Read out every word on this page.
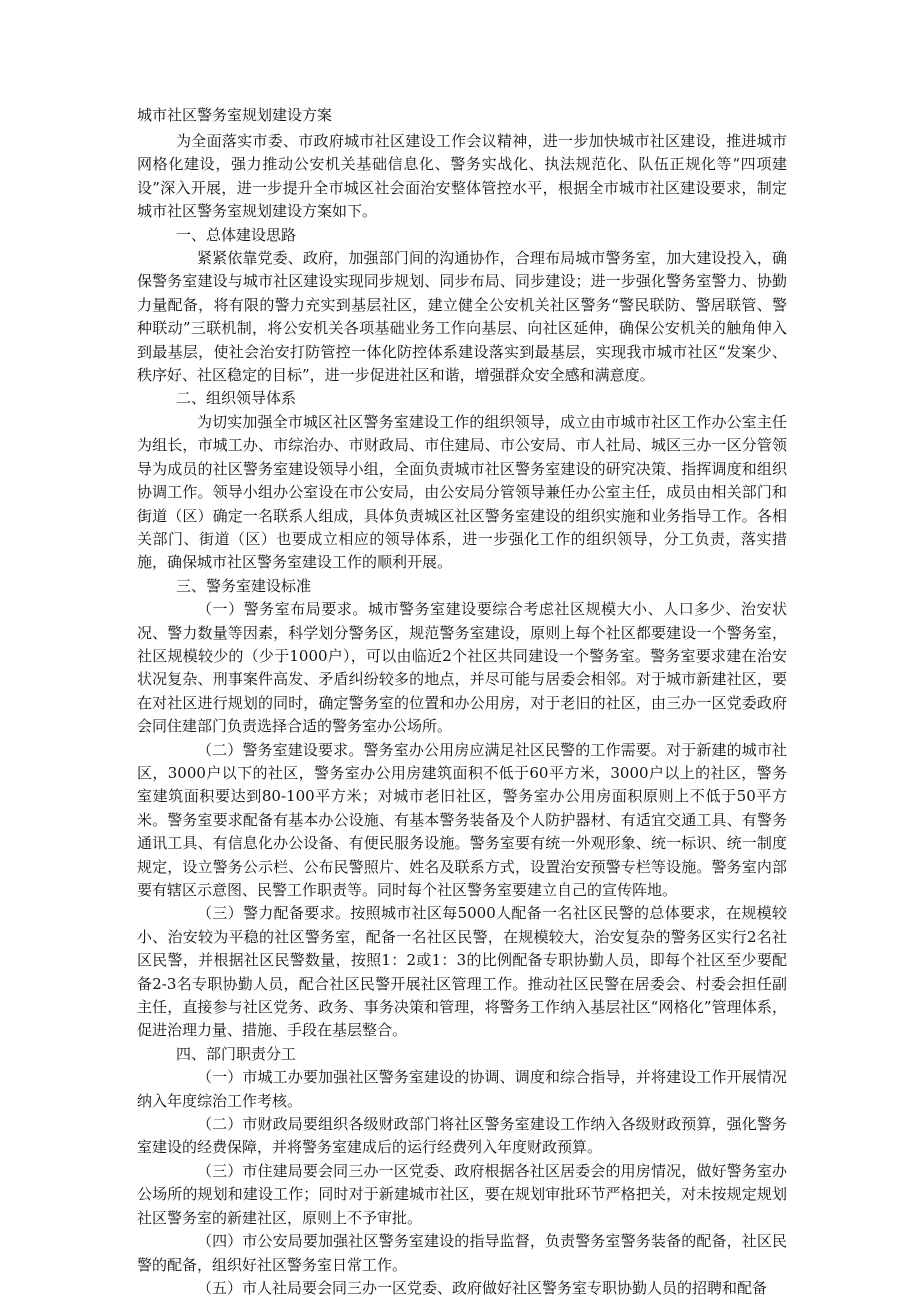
城市社区警务室规划建设方案

为全面落实市委、市政府城市社区建设工作会议精神，进一步加快城市社区建设，推进城市网格化建设，强力推动公安机关基础信息化、警务实战化、执法规范化、队伍正规化等“四项建设”深入开展，进一步提升全市城区社会面治安整体管控水平，根据全市城市社区建设要求，制定城市社区警务室规划建设方案如下。

一、总体建设思路

紧紧依靠党委、政府，加强部门间的沟通协作，合理布局城市警务室，加大建设投入，确保警务室建设与城市社区建设实现同步规划、同步布局、同步建设；进一步强化警务室警力、协勤力量配备，将有限的警力充实到基层社区，建立健全公安机关社区警务“警民联防、警居联管、警种联动”三联机制，将公安机关各项基础业务工作向基层、向社区延伸，确保公安机关的触角伸入到最基层，使社会治安打防管控一体化防控体系建设落实到最基层，实现我市城市社区“发案少、秩序好、社区稳定的目标”，进一步促进社区和谐，增强群众安全感和满意度。

二、组织领导体系

为切实加强全市城区社区警务室建设工作的组织领导，成立由市城市社区工作办公室主任为组长，市城工办、市综治办、市财政局、市住建局、市公安局、市人社局、城区三办一区分管领导为成员的社区警务室建设领导小组，全面负责城市社区警务室建设的研究决策、指挥调度和组织协调工作。领导小组办公室设在市公安局，由公安局分管领导兼任办公室主任，成员由相关部门和街道（区）确定一名联系人组成，具体负责城区社区警务室建设的组织实施和业务指导工作。各相关部门、街道（区）也要成立相应的领导体系，进一步强化工作的组织领导，分工负责，落实措施，确保城市社区警务室建设工作的顺利开展。

三、警务室建设标准

（一）警务室布局要求。城市警务室建设要综合考虑社区规模大小、人口多少、治安状况、警力数量等因素，科学划分警务区，规范警务室建设，原则上每个社区都要建设一个警务室，社区规模较少的（少于1000户），可以由临近2个社区共同建设一个警务室。警务室要求建在治安状况复杂、刑事案件高发、矛盾纠纷较多的地点，并尽可能与居委会相邻。对于城市新建社区，要在对社区进行规划的同时，确定警务室的位置和办公用房，对于老旧的社区，由三办一区党委政府会同住建部门负责选择合适的警务室办公场所。

（二）警务室建设要求。警务室办公用房应满足社区民警的工作需要。对于新建的城市社区，3000户以下的社区，警务室办公用房建筑面积不低于60平方米，3000户以上的社区，警务室建筑面积要达到80-100平方米；对城市老旧社区，警务室办公用房面积原则上不低于50平方米。警务室要求配备有基本办公设施、有基本警务装备及个人防护器材、有适宜交通工具、有警务通讯工具、有信息化办公设备、有便民服务设施。警务室要有统一外观形象、统一标识、统一制度规定，设立警务公示栏、公布民警照片、姓名及联系方式，设置治安预警专栏等设施。警务室内部要有辖区示意图、民警工作职责等。同时每个社区警务室要建立自己的宣传阵地。

（三）警力配备要求。按照城市社区每5000人配备一名社区民警的总体要求，在规模较小、治安较为平稳的社区警务室，配备一名社区民警，在规模较大，治安复杂的警务区实行2名社区民警，并根据社区民警数量，按照1：2或1：3的比例配备专职协勤人员，即每个社区至少要配备2-3名专职协勤人员，配合社区民警开展社区管理工作。推动社区民警在居委会、村委会担任副主任，直接参与社区党务、政务、事务决策和管理，将警务工作纳入基层社区“网格化”管理体系，促进治理力量、措施、手段在基层整合。

四、部门职责分工

（一）市城工办要加强社区警务室建设的协调、调度和综合指导，并将建设工作开展情况纳入年度综治工作考核。

（二）市财政局要组织各级财政部门将社区警务室建设工作纳入各级财政预算，强化警务室建设的经费保障，并将警务室建成后的运行经费列入年度财政预算。

（三）市住建局要会同三办一区党委、政府根据各社区居委会的用房情况，做好警务室办公场所的规划和建设工作；同时对于新建城市社区，要在规划审批环节严格把关，对未按规定规划社区警务室的新建社区，原则上不予审批。

（四）市公安局要加强社区警务室建设的指导监督，负责警务室警务装备的配备，社区民警的配备，组织好社区警务室日常工作。

（五）市人社局要会同三办一区党委、政府做好社区警务室专职协勤人员的招聘和配备
